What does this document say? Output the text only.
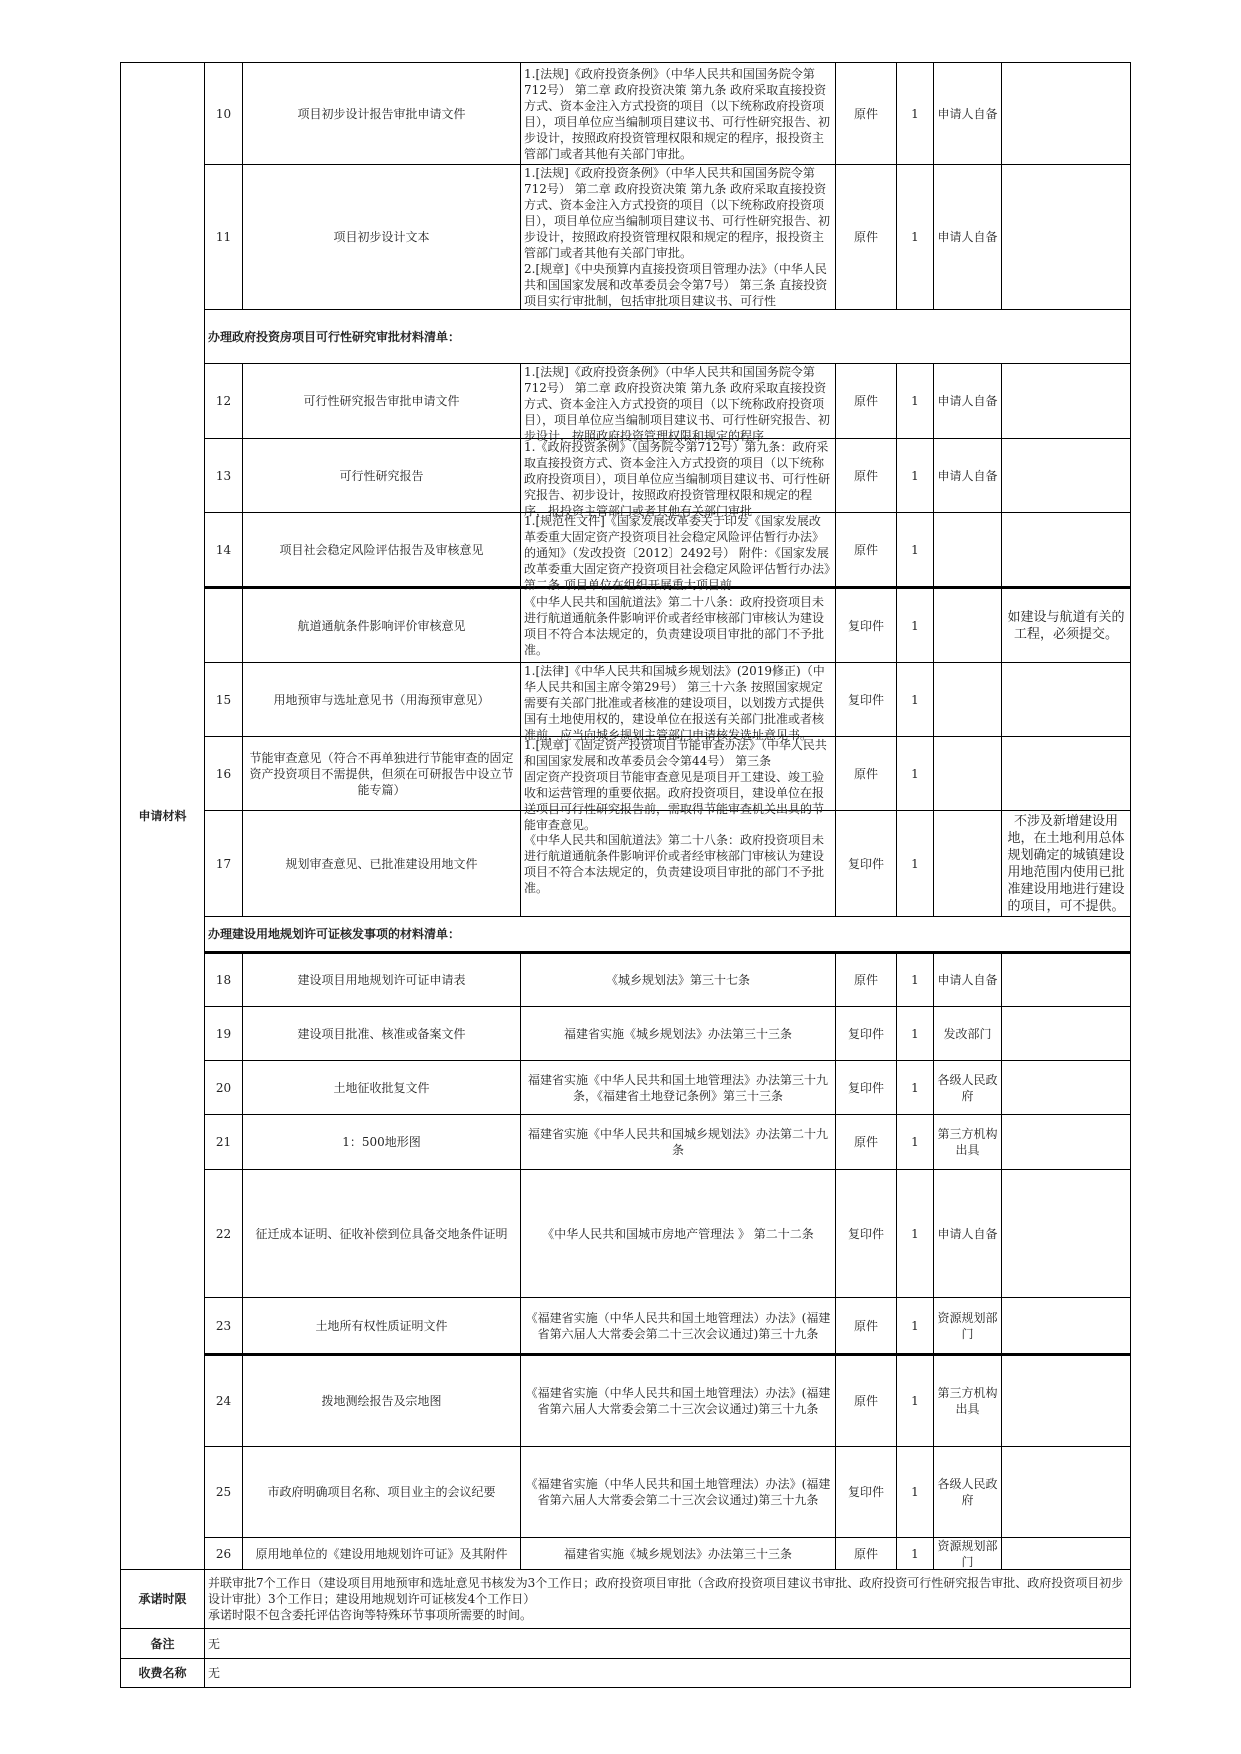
申请材料	10	项目初步设计报告审批申请文件	1.[法规]《政府投资条例》（中华人民共和国国务院令第712号） 第二章 政府投资决策 第九条 政府采取直接投资方式、资本金注入方式投资的项目（以下统称政府投资项目），项目单位应当编制项目建议书、可行性研究报告、初步设计，按照政府投资管理权限和规定的程序，报投资主管部门或者其他有关部门审批。	原件	1	申请人自备	

	11	项目初步设计文本	1.[法规]《政府投资条例》（中华人民共和国国务院令第712号） 第二章 政府投资决策 第九条 政府采取直接投资方式、资本金注入方式投资的项目（以下统称政府投资项目），项目单位应当编制项目建议书、可行性研究报告、初步设计，按照政府投资管理权限和规定的程序，报投资主管部门或者其他有关部门审批。
2.[规章]《中央预算内直接投资项目管理办法》（中华人民共和国国家发展和改革委员会令第7号） 第三条 直接投资项目实行审批制，包括审批项目建议书、可行性	原件	1	申请人自备	

	办理政府投资房项目可行性研究审批材料清单：						

	12	可行性研究报告审批申请文件	1.[法规]《政府投资条例》（中华人民共和国国务院令第712号） 第二章 政府投资决策 第九条 政府采取直接投资方式、资本金注入方式投资的项目（以下统称政府投资项目），项目单位应当编制项目建议书、可行性研究报告、初步设计，按照政府投资管理权限和规定的程序	原件	1	申请人自备	

	13	可行性研究报告	1.《政府投资条例》（国务院令第712号）第九条：政府采取直接投资方式、资本金注入方式投资的项目（以下统称政府投资项目），项目单位应当编制项目建议书、可行性研究报告、初步设计，按照政府投资管理权限和规定的程序，报投资主管部门或者其他有关部门审批	原件	1	申请人自备	

	14	项目社会稳定风险评估报告及审核意见	1.[规范性文件]《国家发展改革委关于印发《国家发展改革委重大固定资产投资项目社会稳定风险评估暂行办法》的通知》（发改投资〔2012〕2492号） 附件：《国家发展改革委重大固定资产投资项目社会稳定风险评估暂行办法》第二条 项目单位在组织开展重大项目前	原件	1		

		航道通航条件影响评价审核意见	《中华人民共和国航道法》第二十八条：政府投资项目未进行航道通航条件影响评价或者经审核部门审核认为建设项目不符合本法规定的，负责建设项目审批的部门不予批准。	复印件	1		如建设与航道有关的工程，必须提交。

	15	用地预审与选址意见书（用海预审意见）	1.[法律]《中华人民共和国城乡规划法》(2019修正)（中华人民共和国主席令第29号） 第三十六条 按照国家规定需要有关部门批准或者核准的建设项目，以划拨方式提供国有土地使用权的，建设单位在报送有关部门批准或者核准前，应当向城乡规划主管部门申请核发选址意见书。	复印件	1		

	16	节能审查意见（符合不再单独进行节能审查的固定资产投资项目不需提供，但须在可研报告中设立节能专篇）	1.[规章]《固定资产投资项目节能审查办法》（中华人民共和国国家发展和改革委员会令第44号） 第三条
固定资产投资项目节能审查意见是项目开工建设、竣工验收和运营管理的重要依据。政府投资项目，建设单位在报送项目可行性研究报告前，需取得节能审查机关出具的节能审查意见。	原件	1		

	17	规划审查意见、已批准建设用地文件	《中华人民共和国航道法》第二十八条：政府投资项目未进行航道通航条件影响评价或者经审核部门审核认为建设项目不符合本法规定的，负责建设项目审批的部门不予批准。	复印件	1		不涉及新增建设用地，在土地利用总体规划确定的城镇建设用地范围内使用已批准建设用地进行建设的项目，可不提供。

	办理建设用地规划许可证核发事项的材料清单：						

	18	建设项目用地规划许可证申请表	《城乡规划法》第三十七条	原件	1	申请人自备	

	19	建设项目批准、核准或备案文件	福建省实施《城乡规划法》办法第三十三条	复印件	1	发改部门	

	20	土地征收批复文件	福建省实施《中华人民共和国土地管理法》办法第三十九条，《福建省土地登记条例》第三十三条	复印件	1	各级人民政府	

	21	1：500地形图	福建省实施《中华人民共和国城乡规划法》办法第二十九条	原件	1	第三方机构出具	

	22	征迁成本证明、征收补偿到位具备交地条件证明	《中华人民共和国城市房地产管理法 》 第二十二条	复印件	1	申请人自备	

	23	土地所有权性质证明文件	《福建省实施（中华人民共和国土地管理法）办法》(福建省第六届人大常委会第二十三次会议通过)第三十九条	原件	1	资源规划部门	

	24	拨地测绘报告及宗地图	《福建省实施（中华人民共和国土地管理法）办法》(福建省第六届人大常委会第二十三次会议通过)第三十九条	原件	1	第三方机构出具	

	25	市政府明确项目名称、项目业主的会议纪要	《福建省实施（中华人民共和国土地管理法）办法》(福建省第六届人大常委会第二十三次会议通过)第三十九条	复印件	1	各级人民政府	

	26	原用地单位的《建设用地规划许可证》及其附件	福建省实施《城乡规划法》办法第三十三条	原件	1	资源规划部门	

承诺时限	并联审批7个工作日（建设项目用地预审和选址意见书核发为3个工作日；政府投资项目审批（含政府投资项目建议书审批、政府投资可行性研究报告审批、政府投资项目初步设计审批）3个工作日；建设用地规划许可证核发4个工作日）
承诺时限不包含委托评估咨询等特殊环节事项所需要的时间。						

备注	无						

收费名称	无						
